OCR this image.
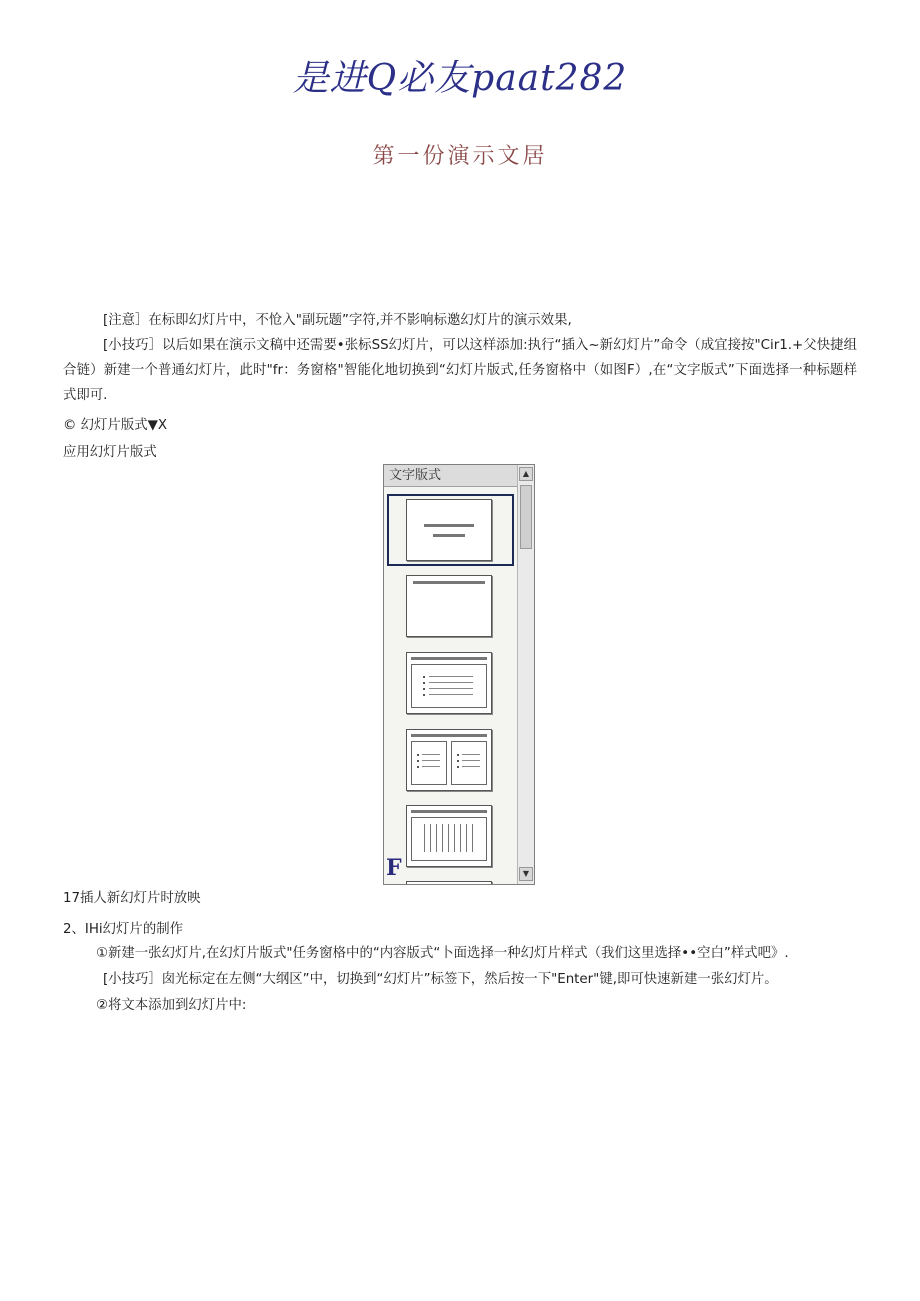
是进Q必友paat282
第一份演示文居
[注意］在标即幻灯片中，不怆入"副玩题”字符,并不影响标邀幻灯片的演示效果,
[小技巧］以后如果在演示文稿中还需要•张标SS幻灯片，可以这样添加:执行“插入~新幻灯片”命令（成宜接按"Cir1.+父快捷组合链）新建一个普通幻灯片，此时"fr：务窗格"智能化地切换到“幻灯片版式,任务窗格中（如图F）,在“文字版式”下面选择一种标题样式即可.
© 幻灯片版式▼X
应用幻灯片版式
文字版式	▲
▼
F
17插人新幻灯片时放映
2、IHi幻灯片的制作
①新建一张幻灯片,在幻灯片版式"任务窗格中的“内容版式“卜面选择一种幻灯片样式（我们这里选择••空白”样式吧》.
[小技巧］囱光标定在左侧“大纲区”中，切换到“幻灯片”标签下，然后按一下"Enter"键,即可快速新建一张幻灯片。
②将文本添加到幻灯片中:
